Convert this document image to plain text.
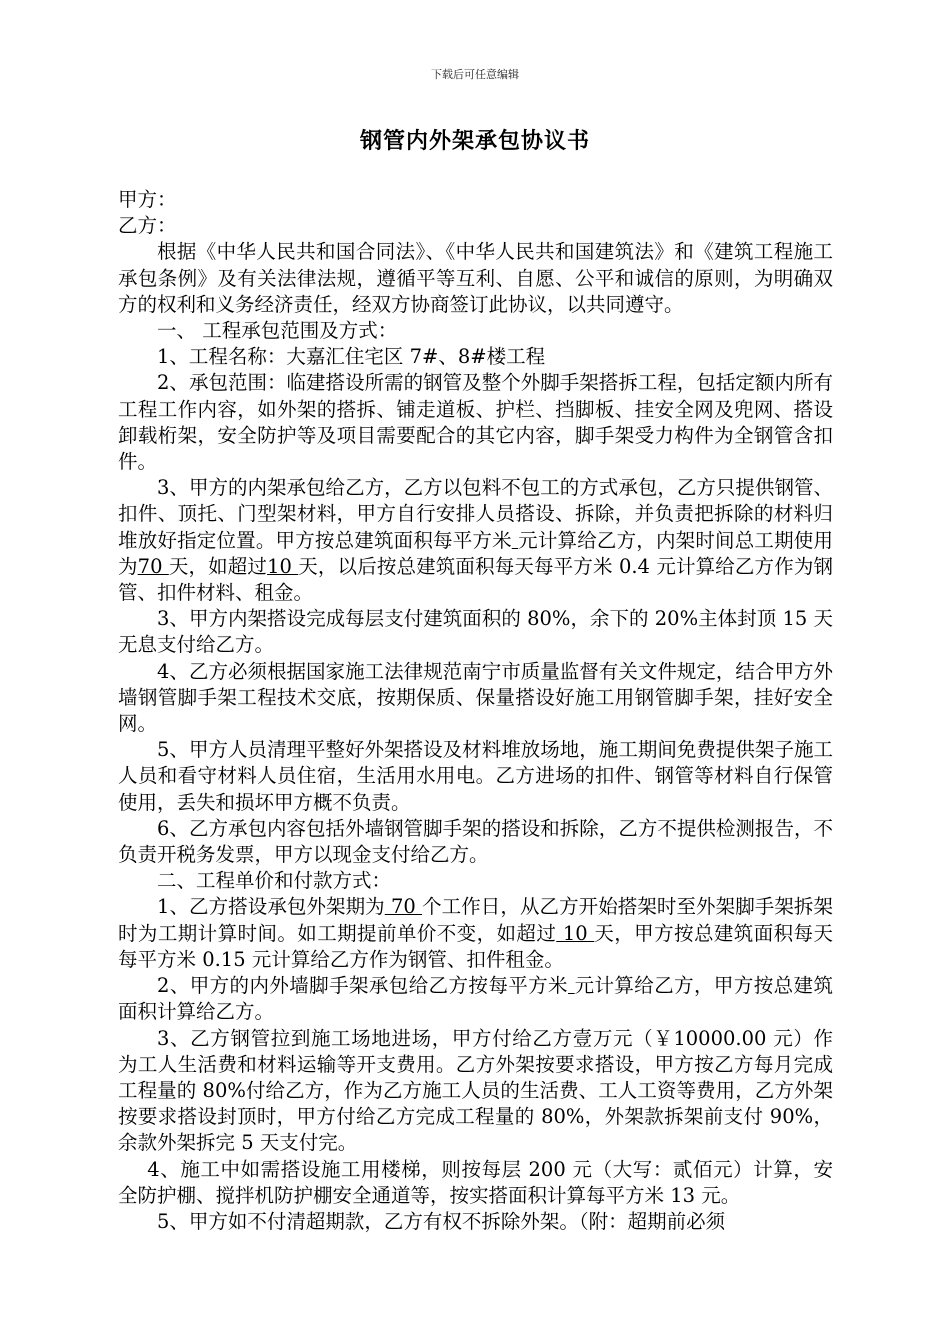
下载后可任意编辑
钢管内外架承包协议书

甲方：

乙方：

根据《中华人民共和国合同法》、《中华人民共和国建筑法》和《建筑工程施工承包条例》及有关法律法规，遵循平等互利、自愿、公平和诚信的原则，为明确双方的权利和义务经济责任，经双方协商签订此协议，以共同遵守。

一、 工程承包范围及方式：

1、工程名称：大嘉汇住宅区 7#、8#楼工程

2、承包范围：临建搭设所需的钢管及整个外脚手架搭拆工程，包括定额内所有工程工作内容，如外架的搭拆、铺走道板、护栏、挡脚板、挂安全网及兜网、搭设卸载桁架，安全防护等及项目需要配合的其它内容，脚手架受力构件为全钢管含扣件。

3、甲方的内架承包给乙方，乙方以包料不包工的方式承包，乙方只提供钢管、扣件、顶托、门型架材料，甲方自行安排人员搭设、拆除，并负责把拆除的材料归堆放好指定位置。甲方按总建筑面积每平方米 元计算给乙方，内架时间总工期使用为70 天，如超过10 天，以后按总建筑面积每天每平方米 0.4 元计算给乙方作为钢管、扣件材料、租金。

3、甲方内架搭设完成每层支付建筑面积的 80%，余下的 20%主体封顶 15 天无息支付给乙方。

4、乙方必须根据国家施工法律规范南宁市质量监督有关文件规定，结合甲方外墙钢管脚手架工程技术交底，按期保质、保量搭设好施工用钢管脚手架，挂好安全网。

5、甲方人员清理平整好外架搭设及材料堆放场地，施工期间免费提供架子施工人员和看守材料人员住宿，生活用水用电。乙方进场的扣件、钢管等材料自行保管使用，丢失和损坏甲方概不负责。

6、乙方承包内容包括外墙钢管脚手架的搭设和拆除，乙方不提供检测报告，不负责开税务发票，甲方以现金支付给乙方。

二、工程单价和付款方式：

1、乙方搭设承包外架期为 70 个工作日，从乙方开始搭架时至外架脚手架拆架时为工期计算时间。如工期提前单价不变，如超过 10 天，甲方按总建筑面积每天每平方米 0.15 元计算给乙方作为钢管、扣件租金。

2、甲方的内外墙脚手架承包给乙方按每平方米 元计算给乙方，甲方按总建筑面积计算给乙方。

3、乙方钢管拉到施工场地进场，甲方付给乙方壹万元（￥10000.00 元）作为工人生活费和材料运输等开支费用。乙方外架按要求搭设，甲方按乙方每月完成工程量的 80%付给乙方，作为乙方施工人员的生活费、工人工资等费用，乙方外架按要求搭设封顶时，甲方付给乙方完成工程量的 80%，外架款拆架前支付 90%，余款外架拆完 5 天支付完。

4、施工中如需搭设施工用楼梯，则按每层 200 元（大写：贰佰元）计算，安全防护棚、搅拌机防护棚安全通道等，按实搭面积计算每平方米 13 元。

5、甲方如不付清超期款，乙方有权不拆除外架。（附：超期前必须
